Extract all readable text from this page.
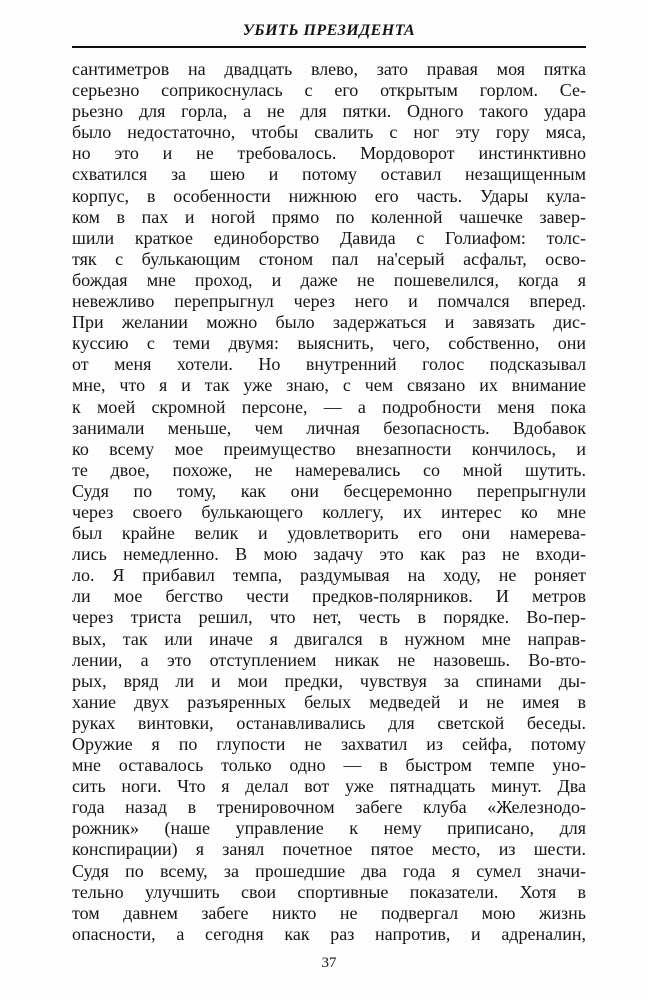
УБИТЬ ПРЕЗИДЕНТА
сантиметров на двадцать влево, зато правая моя пятка
серьезно соприкоснулась с его открытым горлом. Се-
рьезно для горла, а не для пятки. Одного такого удара
было недостаточно, чтобы свалить с ног эту гору мяса,
но это и не требовалось. Мордоворот инстинктивно
схватился за шею и потому оставил незащищенным
корпус, в особенности нижнюю его часть. Удары кула-
ком в пах и ногой прямо по коленной чашечке завер-
шили краткое единоборство Давида с Голиафом: толс-
тяк с булькающим стоном пал на'серый асфальт, осво-
бождая мне проход, и даже не пошевелился, когда я
невежливо перепрыгнул через него и помчался вперед.
При желании можно было задержаться и завязать дис-
куссию с теми двумя: выяснить, чего, собственно, они
от меня хотели. Но внутренний голос подсказывал
мне, что я и так уже знаю, с чем связано их внимание
к моей скромной персоне, — а подробности меня пока
занимали меньше, чем личная безопасность. Вдобавок
ко всему мое преимущество внезапности кончилось, и
те двое, похоже, не намеревались со мной шутить.
Судя по тому, как они бесцеремонно перепрыгнули
через своего булькающего коллегу, их интерес ко мне
был крайне велик и удовлетворить его они намерева-
лись немедленно. В мою задачу это как раз не входи-
ло. Я прибавил темпа, раздумывая на ходу, не роняет
ли мое бегство чести предков-полярников. И метров
через триста решил, что нет, честь в порядке. Во-пер-
вых, так или иначе я двигался в нужном мне направ-
лении, а это отступлением никак не назовешь. Во-вто-
рых, вряд ли и мои предки, чувствуя за спинами ды-
хание двух разъяренных белых медведей и не имея в
руках винтовки, останавливались для светской беседы.
Оружие я по глупости не захватил из сейфа, потому
мне оставалось только одно — в быстром темпе уно-
сить ноги. Что я делал вот уже пятнадцать минут. Два
года назад в тренировочном забеге клуба «Железнодо-
рожник» (наше управление к нему приписано, для
конспирации) я занял почетное пятое место, из шести.
Судя по всему, за прошедшие два года я сумел значи-
тельно улучшить свои спортивные показатели. Хотя в
том давнем забеге никто не подвергал мою жизнь
опасности, а сегодня как раз напротив, и адреналин,
37
